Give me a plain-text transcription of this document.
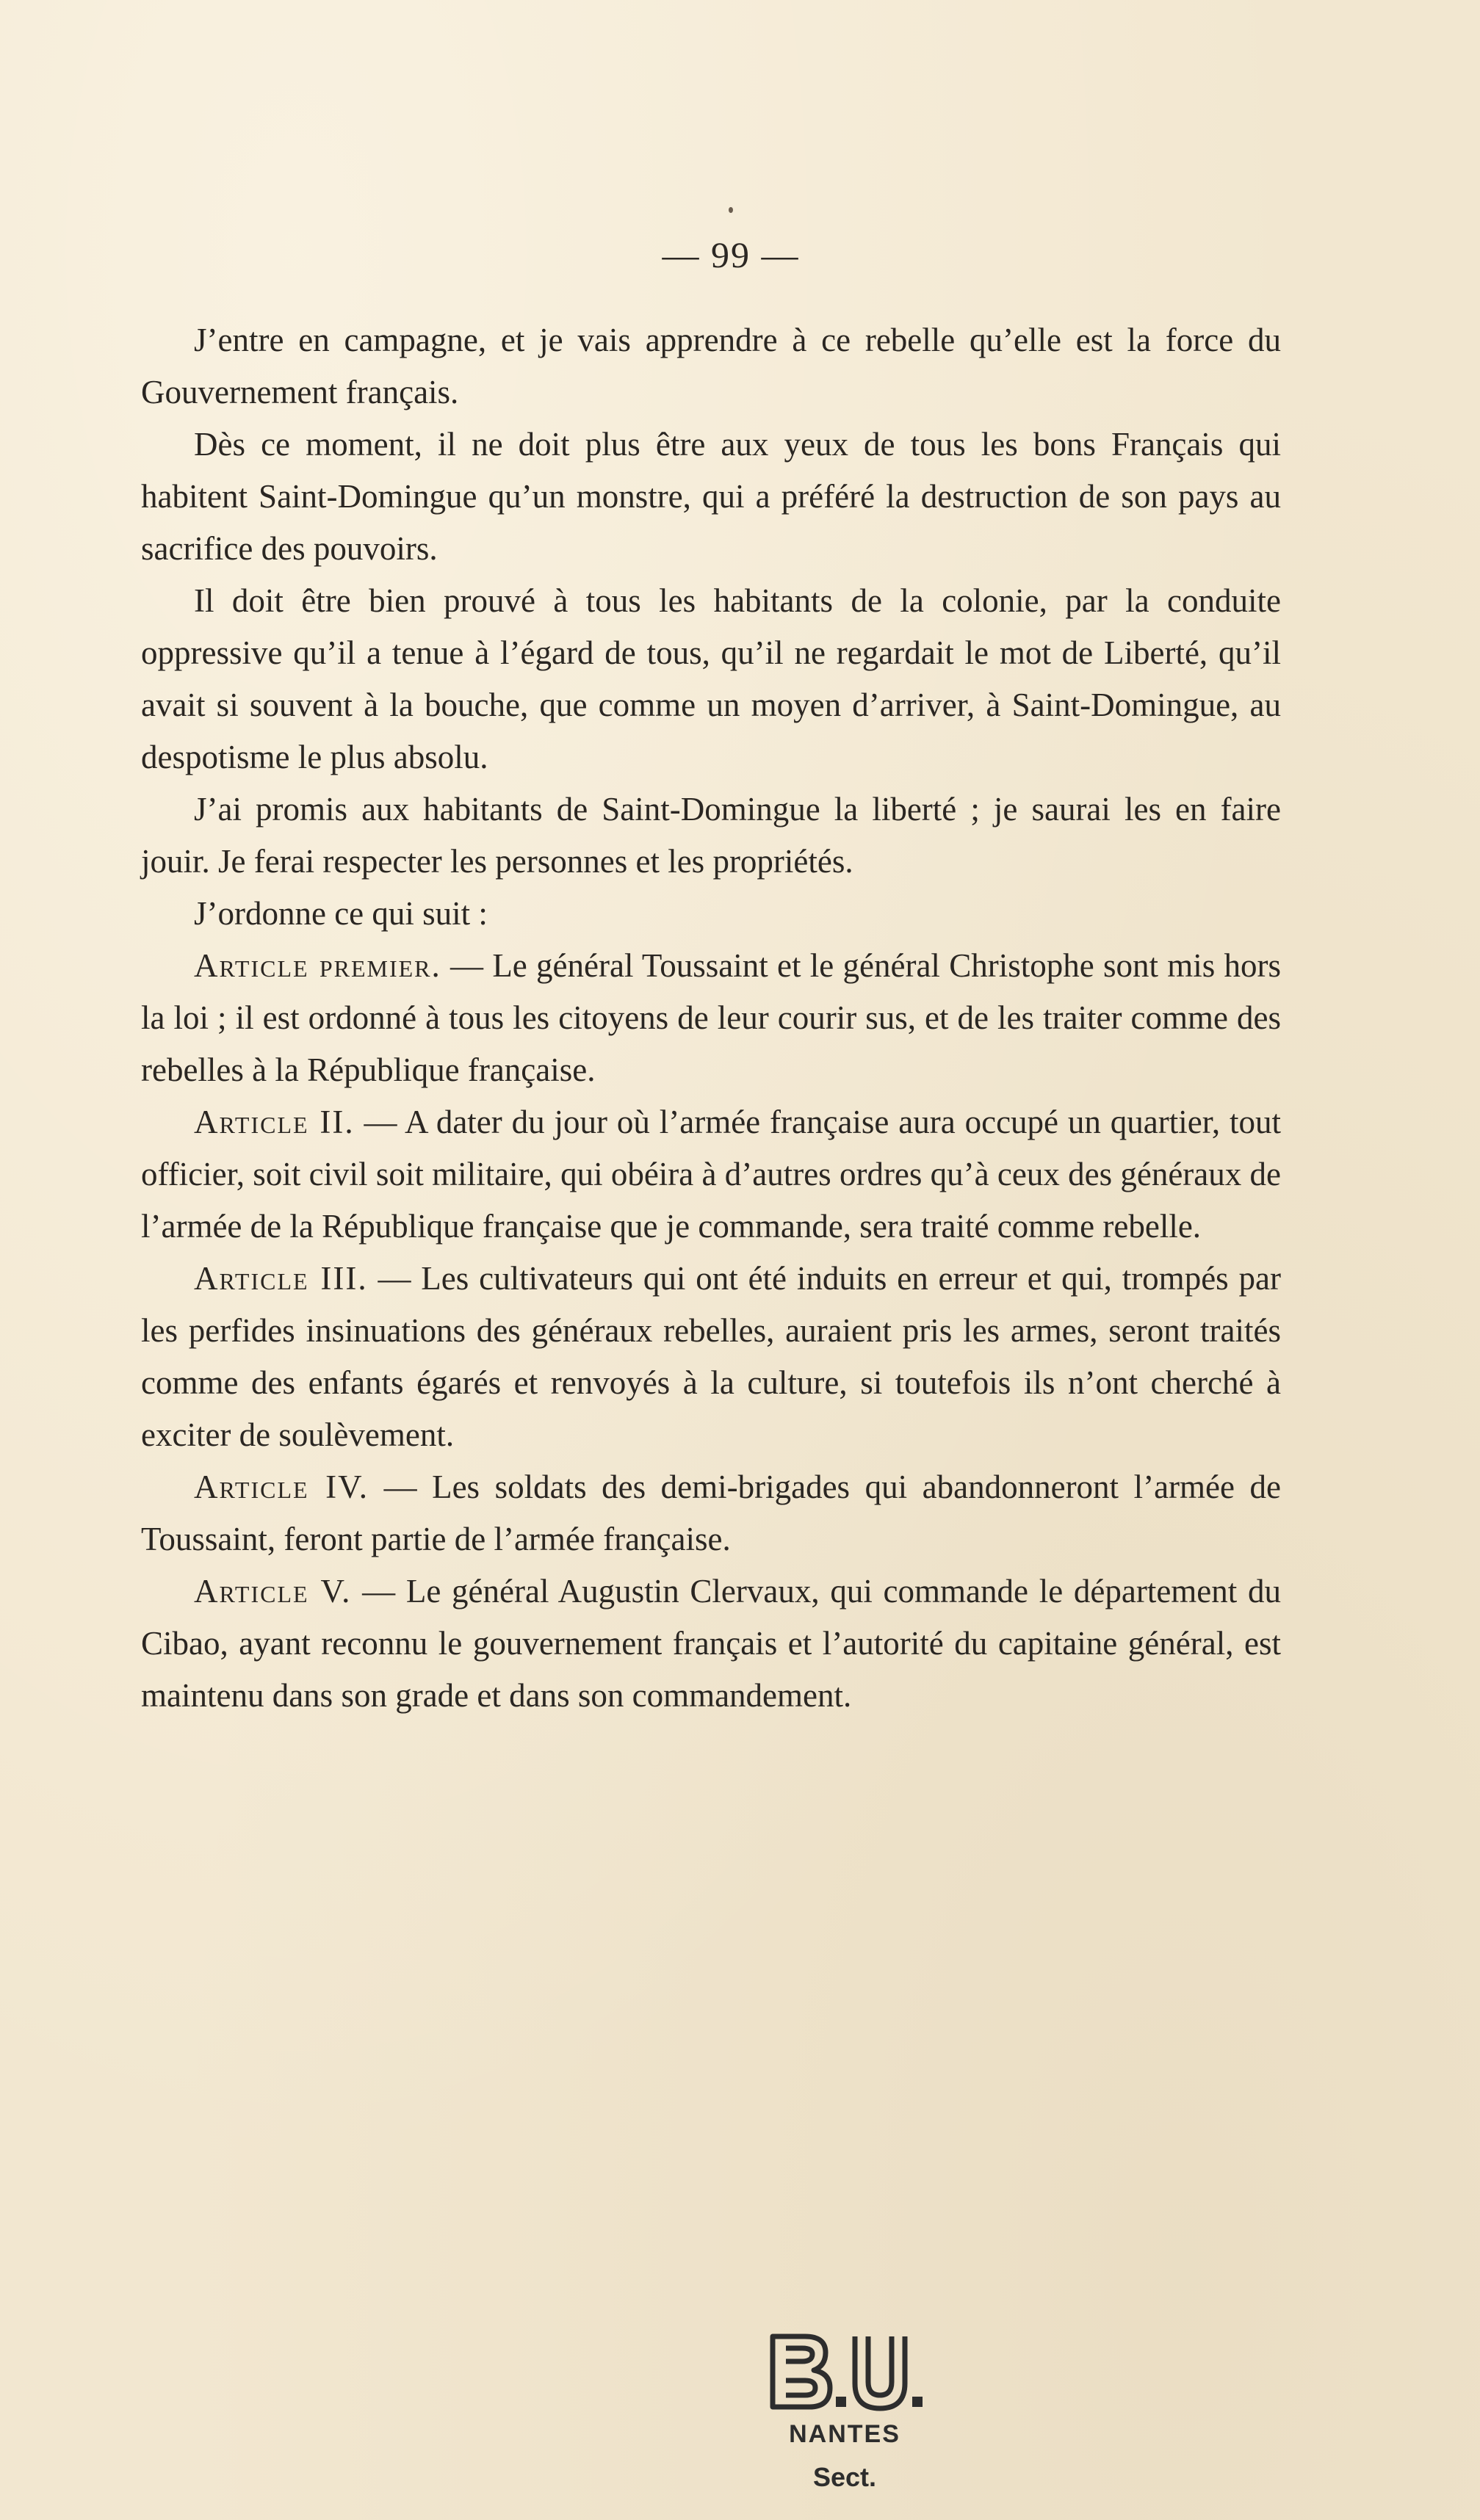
— 99 —

J’entre en campagne, et je vais apprendre à ce rebelle qu’elle est la force du Gouvernement français.

Dès ce moment, il ne doit plus être aux yeux de tous les bons Français qui habitent Saint-Domingue qu’un monstre, qui a préféré la destruction de son pays au sacrifice des pouvoirs.

Il doit être bien prouvé à tous les habitants de la colonie, par la conduite oppressive qu’il a tenue à l’égard de tous, qu’il ne regardait le mot de Liberté, qu’il avait si souvent à la bouche, que comme un moyen d’arriver, à Saint-Domingue, au despotisme le plus absolu.

J’ai promis aux habitants de Saint-Domingue la liberté ; je saurai les en faire jouir. Je ferai respecter les personnes et les propriétés.

J’ordonne ce qui suit :

Article premier. — Le général Toussaint et le général Christophe sont mis hors la loi ; il est ordonné à tous les citoyens de leur courir sus, et de les traiter comme des rebelles à la République française.

Article II. — A dater du jour où l’armée française aura occupé un quartier, tout officier, soit civil soit militaire, qui obéira à d’autres ordres qu’à ceux des généraux de l’armée de la République française que je commande, sera traité comme rebelle.

Article III. — Les cultivateurs qui ont été induits en erreur et qui, trompés par les perfides insinuations des généraux rebelles, auraient pris les armes, seront traités comme des enfants égarés et renvoyés à la culture, si toutefois ils n’ont cherché à exciter de soulèvement.

Article IV. — Les soldats des demi-brigades qui abandonneront l’armée de Toussaint, feront partie de l’armée française.

Article V. — Le général Augustin Clervaux, qui commande le département du Cibao, ayant reconnu le gouvernement français et l’autorité du capitaine général, est maintenu dans son grade et dans son commandement.

NANTES
Sect.
